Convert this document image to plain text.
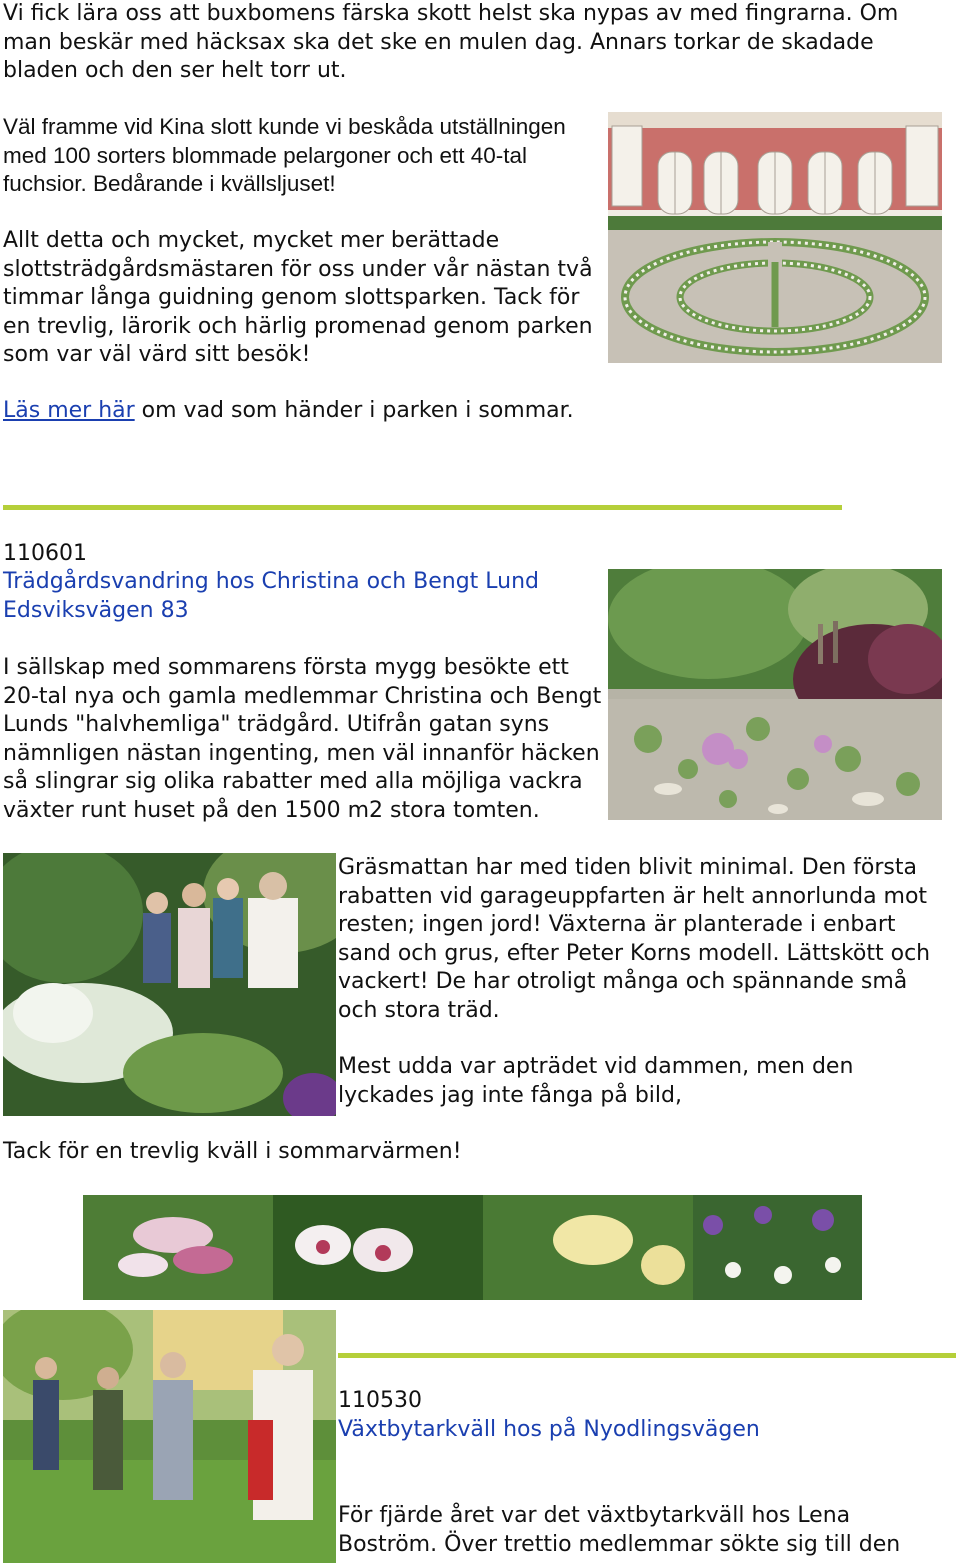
Vi fick lära oss att buxbomens färska skott helst ska nypas av med fingrarna. Om man beskär med häcksax ska det ske en mulen dag. Annars torkar de skadade bladen och den ser helt torr ut.

Väl framme vid Kina slott kunde vi beskåda utställningen med 100 sorters blommade pelargoner och ett 40-tal fuchsior. Bedårande i kvällsljuset!

Allt detta och mycket, mycket mer berättade slottsträdgårdsmästaren för oss under vår nästan två timmar långa guidning genom slottsparken. Tack för en trevlig, lärorik och härlig promenad genom parken som var väl värd sitt besök!

Läs mer här om vad som händer i parken i sommar.

110601

Trädgårdsvandring hos Christina och Bengt Lund

Edsviksvägen 83

I sällskap med sommarens första mygg besökte ett 20-tal nya och gamla medlemmar Christina och Bengt Lunds "halvhemliga" trädgård. Utifrån gatan syns nämnligen nästan ingenting, men väl innanför häcken så slingrar sig olika rabatter med alla möjliga vackra växter runt huset på den 1500 m2 stora tomten.

Gräsmattan har med tiden blivit minimal. Den första rabatten vid garageuppfarten är helt annorlunda mot resten; ingen jord! Växterna är planterade i enbart sand och grus, efter Peter Korns modell. Lättskött och vackert! De har otroligt många och spännande små och stora träd.

Mest udda var apträdet vid dammen, men den lyckades jag inte fånga på bild,

Tack för en trevlig kväll i sommarvärmen!

110530

Växtbytarkväll hos på Nyodlingsvägen

För fjärde året var det växtbytarkväll hos Lena Boström. Över trettio medlemmar sökte sig till den
